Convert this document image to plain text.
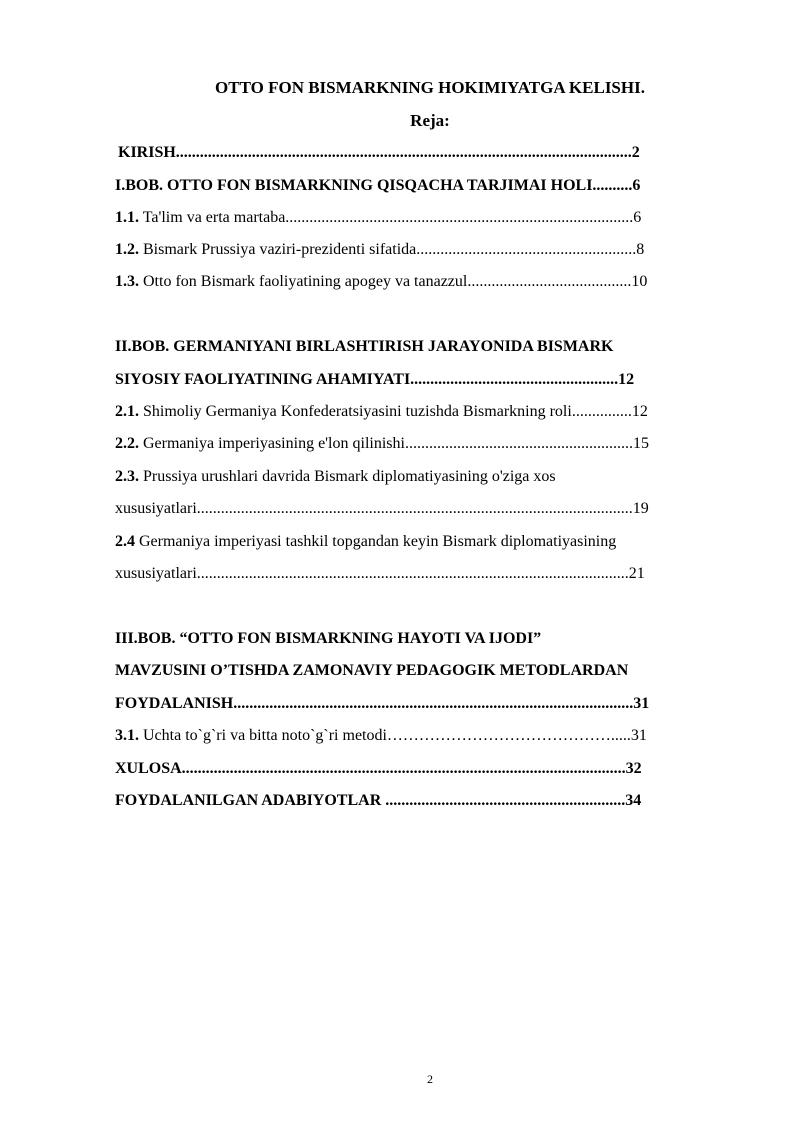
OTTO FON BISMARKNING HOKIMIYATGA KELISHI.
Reja:
KIRISH..................................................................................................................2
I.BOB. OTTO FON BISMARKNING QISQACHA TARJIMAI HOLI..........6
1.1. Ta'lim va erta martaba.......................................................................................6
1.2. Bismark Prussiya vaziri-prezidenti sifatida.......................................................8
1.3. Otto fon Bismark faoliyatining apogey va tanazzul.........................................10
II.BOB. GERMANIYANI BIRLASHTIRISH JARAYONIDA BISMARK
SIYOSIY FAOLIYATINING AHAMIYATI....................................................12
2.1. Shimoliy Germaniya Konfederatsiyasini tuzishda Bismarkning roli...............12
2.2. Germaniya imperiyasining e'lon qilinishi.........................................................15
2.3. Prussiya urushlari davrida Bismark diplomatiyasining o'ziga xos
xususiyatlari.............................................................................................................19
2.4 Germaniya imperiyasi tashkil topgandan keyin Bismark diplomatiyasining
xususiyatlari............................................................................................................21
III.BOB. “OTTO FON BISMARKNING HAYOTI VA IJODI”
MAVZUSINI O’TISHDA ZAMONAVIY PEDAGOGIK METODLARDAN
FOYDALANISH....................................................................................................31
3.1. Uchta to`g`ri va bitta noto`g`ri metodi…………………………………….....31
XULOSA...............................................................................................................32
FOYDALANILGAN ADABIYOTLAR ............................................................34
2
